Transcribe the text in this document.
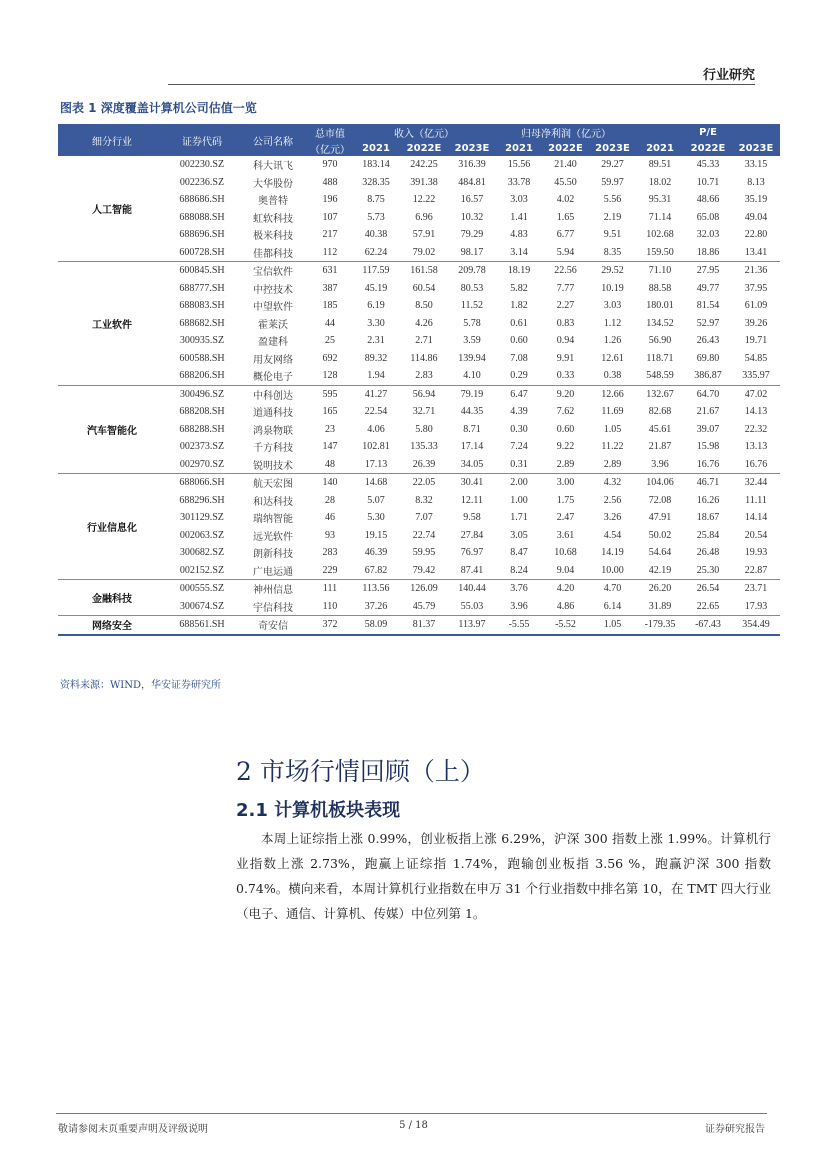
行业研究
图表 1 深度覆盖计算机公司估值一览
细分行业	证券代码	公司名称	总市值	收入（亿元）			归母净利润（亿元）			P/E		
			（亿元）	2021	2022E	2023E	2021	2022E	2023E	2021	2022E	2023E
人工智能	002230.SZ	科大讯飞	970	183.14	242.25	316.39	15.56	21.40	29.27	89.51	45.33	33.15
	002236.SZ	大华股份	488	328.35	391.38	484.81	33.78	45.50	59.97	18.02	10.71	8.13
	688686.SH	奥普特	196	8.75	12.22	16.57	3.03	4.02	5.56	95.31	48.66	35.19
	688088.SH	虹软科技	107	5.73	6.96	10.32	1.41	1.65	2.19	71.14	65.08	49.04
	688696.SH	极米科技	217	40.38	57.91	79.29	4.83	6.77	9.51	102.68	32.03	22.80
	600728.SH	佳都科技	112	62.24	79.02	98.17	3.14	5.94	8.35	159.50	18.86	13.41
工业软件	600845.SH	宝信软件	631	117.59	161.58	209.78	18.19	22.56	29.52	71.10	27.95	21.36
	688777.SH	中控技术	387	45.19	60.54	80.53	5.82	7.77	10.19	88.58	49.77	37.95
	688083.SH	中望软件	185	6.19	8.50	11.52	1.82	2.27	3.03	180.01	81.54	61.09
	688682.SH	霍莱沃	44	3.30	4.26	5.78	0.61	0.83	1.12	134.52	52.97	39.26
	300935.SZ	盈建科	25	2.31	2.71	3.59	0.60	0.94	1.26	56.90	26.43	19.71
	600588.SH	用友网络	692	89.32	114.86	139.94	7.08	9.91	12.61	118.71	69.80	54.85
	688206.SH	概伦电子	128	1.94	2.83	4.10	0.29	0.33	0.38	548.59	386.87	335.97
汽车智能化	300496.SZ	中科创达	595	41.27	56.94	79.19	6.47	9.20	12.66	132.67	64.70	47.02
	688208.SH	道通科技	165	22.54	32.71	44.35	4.39	7.62	11.69	82.68	21.67	14.13
	688288.SH	鸿泉物联	23	4.06	5.80	8.71	0.30	0.60	1.05	45.61	39.07	22.32
	002373.SZ	千方科技	147	102.81	135.33	17.14	7.24	9.22	11.22	21.87	15.98	13.13
	002970.SZ	锐明技术	48	17.13	26.39	34.05	0.31	2.89	2.89	3.96	16.76	16.76
行业信息化	688066.SH	航天宏图	140	14.68	22.05	30.41	2.00	3.00	4.32	104.06	46.71	32.44
	688296.SH	和达科技	28	5.07	8.32	12.11	1.00	1.75	2.56	72.08	16.26	11.11
	301129.SZ	瑞纳智能	46	5.30	7.07	9.58	1.71	2.47	3.26	47.91	18.67	14.14
	002063.SZ	远光软件	93	19.15	22.74	27.84	3.05	3.61	4.54	50.02	25.84	20.54
	300682.SZ	朗新科技	283	46.39	59.95	76.97	8.47	10.68	14.19	54.64	26.48	19.93
	002152.SZ	广电运通	229	67.82	79.42	87.41	8.24	9.04	10.00	42.19	25.30	22.87
金融科技	000555.SZ	神州信息	111	113.56	126.09	140.44	3.76	4.20	4.70	26.20	26.54	23.71
	300674.SZ	宇信科技	110	37.26	45.79	55.03	3.96	4.86	6.14	31.89	22.65	17.93
网络安全	688561.SH	奇安信	372	58.09	81.37	113.97	-5.55	-5.52	1.05	-179.35	-67.43	354.49
资料来源：WIND，华安证券研究所
2 市场行情回顾（上）
2.1 计算机板块表现
本周上证综指上涨 0.99%，创业板指上涨 6.29%，沪深 300 指数上涨 1.99%。计算机行业指数上涨 2.73%，跑赢上证综指 1.74%，跑输创业板指 3.56 %，跑赢沪深 300 指数 0.74%。横向来看，本周计算机行业指数在申万 31 个行业指数中排名第 10，在 TMT 四大行业（电子、通信、计算机、传媒）中位列第 1。
敬请参阅末页重要声明及评级说明	5 / 18	证券研究报告
